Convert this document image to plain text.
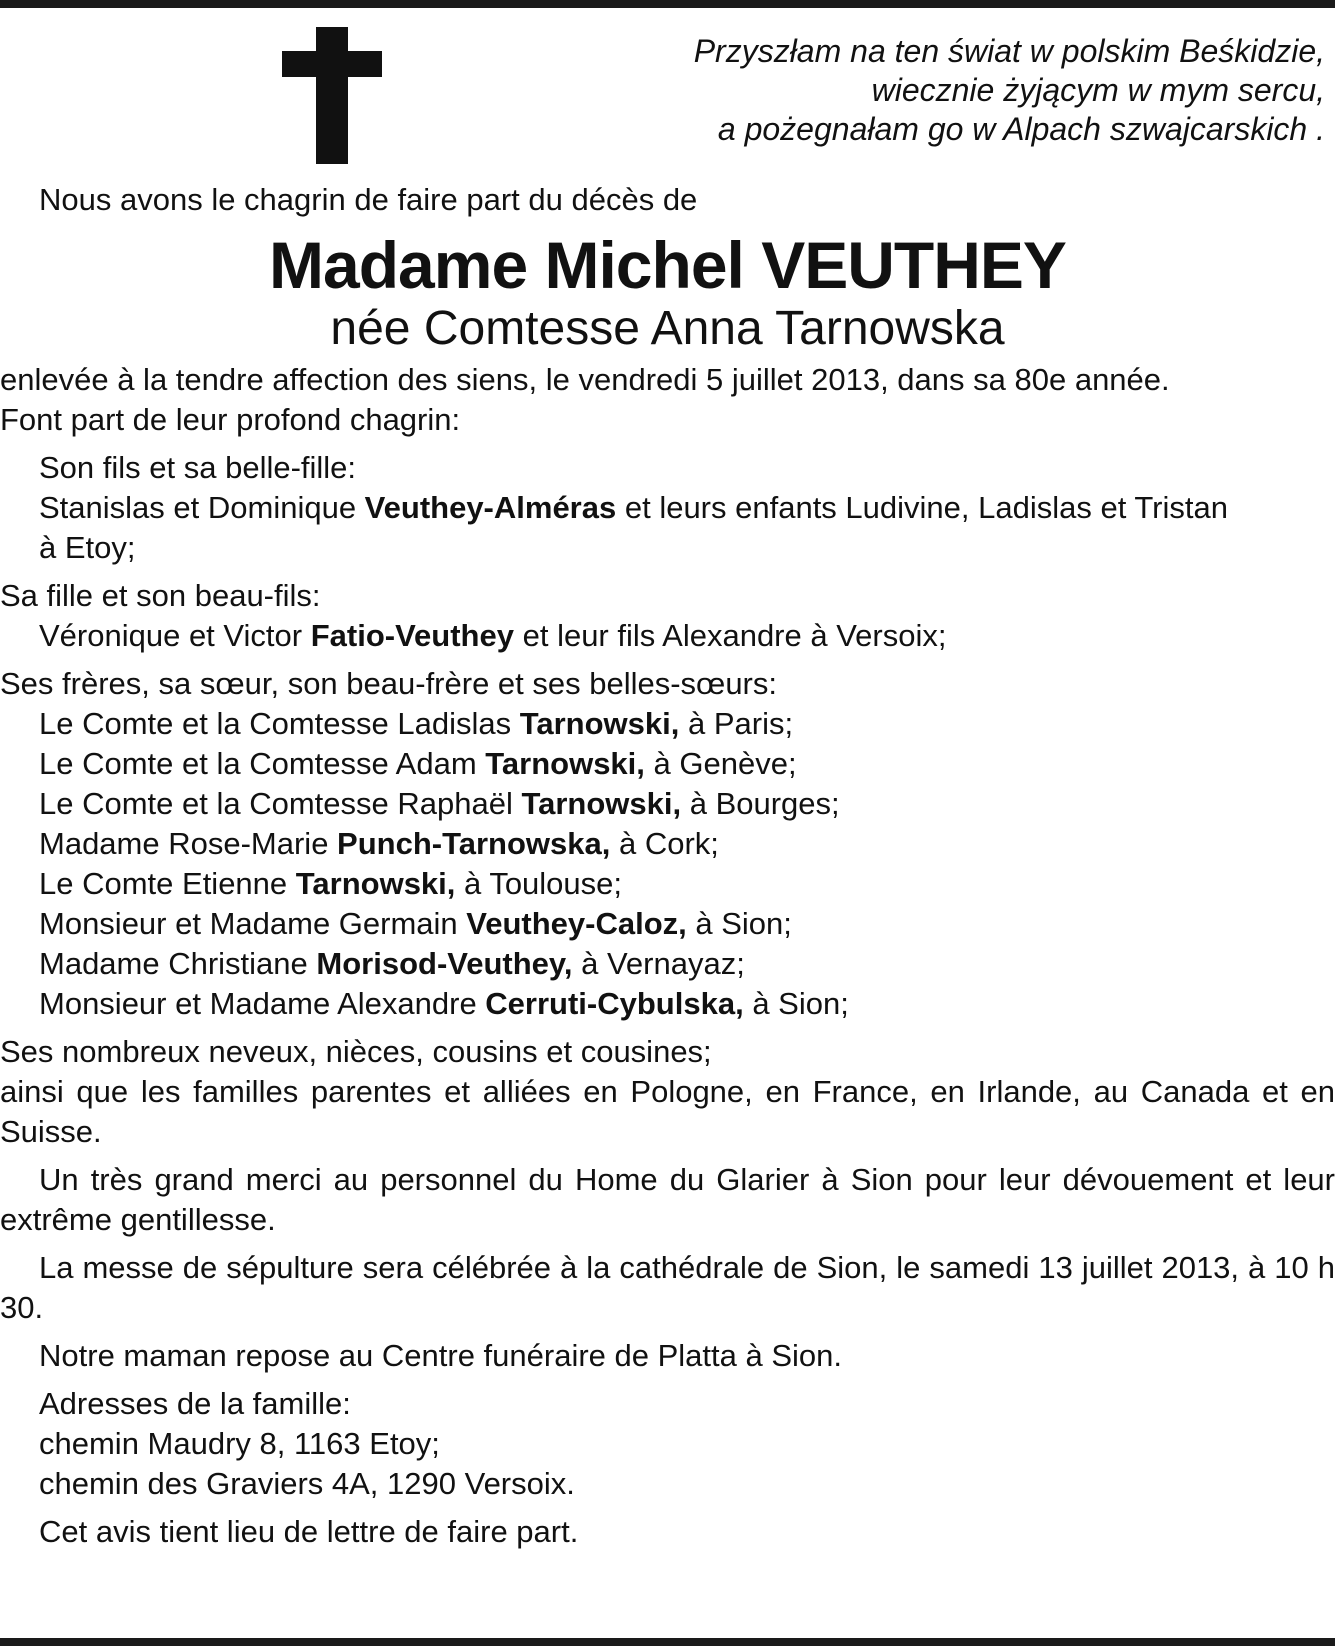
Przyszłam na ten świat w polskim Beśkidzie,
wiecznie żyjącym w mym sercu,
a pożegnałam go w Alpach szwajcarskich .
Nous avons le chagrin de faire part du décès de
Madame Michel VEUTHEY
née Comtesse Anna Tarnowska
enlevée à la tendre affection des siens, le vendredi 5 juillet 2013, dans sa 80e année.
Font part de leur profond chagrin:
Son fils et sa belle-fille:
Stanislas et Dominique Veuthey-Alméras et leurs enfants Ludivine, Ladislas et Tristan
à Etoy;
Sa fille et son beau-fils:
Véronique et Victor Fatio-Veuthey et leur fils Alexandre à Versoix;
Ses frères, sa sœur, son beau-frère et ses belles-sœurs:
Le Comte et la Comtesse Ladislas Tarnowski, à Paris;
Le Comte et la Comtesse Adam Tarnowski, à Genève;
Le Comte et la Comtesse Raphaël Tarnowski, à Bourges;
Madame Rose-Marie Punch-Tarnowska, à Cork;
Le Comte Etienne Tarnowski, à Toulouse;
Monsieur et Madame Germain Veuthey-Caloz, à Sion;
Madame Christiane Morisod-Veuthey, à Vernayaz;
Monsieur et Madame Alexandre Cerruti-Cybulska, à Sion;
Ses nombreux neveux, nièces, cousins et cousines;
ainsi que les familles parentes et alliées en Pologne, en France, en Irlande, au Canada et en Suisse.
Un très grand merci au personnel du Home du Glarier à Sion pour leur dévouement et leur extrême gentillesse.
La messe de sépulture sera célébrée à la cathédrale de Sion, le samedi 13 juillet 2013, à 10 h 30.
Notre maman repose au Centre funéraire de Platta à Sion.
Adresses de la famille:
chemin Maudry 8, 1163 Etoy;
chemin des Graviers 4A, 1290 Versoix.
Cet avis tient lieu de lettre de faire part.
